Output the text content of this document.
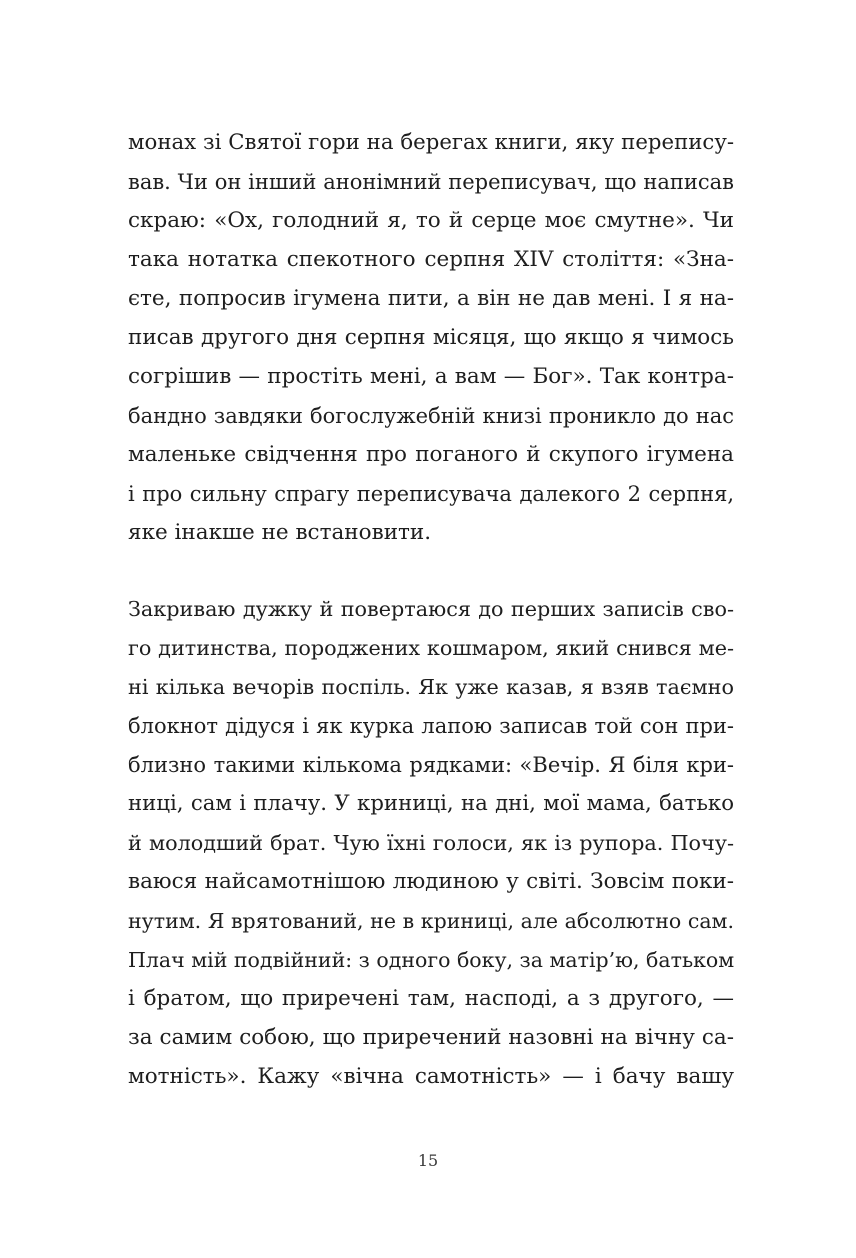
монах зі Святої гори на берегах книги, яку перепису-
вав. Чи он інший анонімний переписувач, що написав
скраю: «Ох, голодний я, то й серце моє смутне». Чи
така нотатка спекотного серпня XIV століття: «Зна-
єте, попросив ігумена пити, а він не дав мені. І я на-
писав другого дня серпня місяця, що якщо я чимось
согрішив — простіть мені, а вам — Бог». Так контра-
бандно завдяки богослужебній книзі проникло до нас
маленьке свідчення про поганого й скупого ігумена
і про сильну спрагу переписувача далекого 2 серпня,
яке інакше не встановити.
Закриваю дужку й повертаюся до перших записів сво-
го дитинства, породжених кошмаром, який снився ме-
ні кілька вечорів поспіль. Як уже казав, я взяв таємно
блокнот дідуся і як курка лапою записав той сон при-
близно такими кількома рядками: «Вечір. Я біля кри-
ниці, сам і плачу. У криниці, на дні, мої мама, батько
й молодший брат. Чую їхні голоси, як із рупора. Почу-
ваюся найсамотнішою людиною у світі. Зовсім поки-
нутим. Я врятований, не в криниці, але абсолютно сам.
Плач мій подвійний: з одного боку, за матір’ю, батьком
і братом, що приречені там, насподі, а з другого, —
за самим собою, що приречений назовні на вічну са-
мотність». Кажу «вічна самотність» — і бачу вашу
15
